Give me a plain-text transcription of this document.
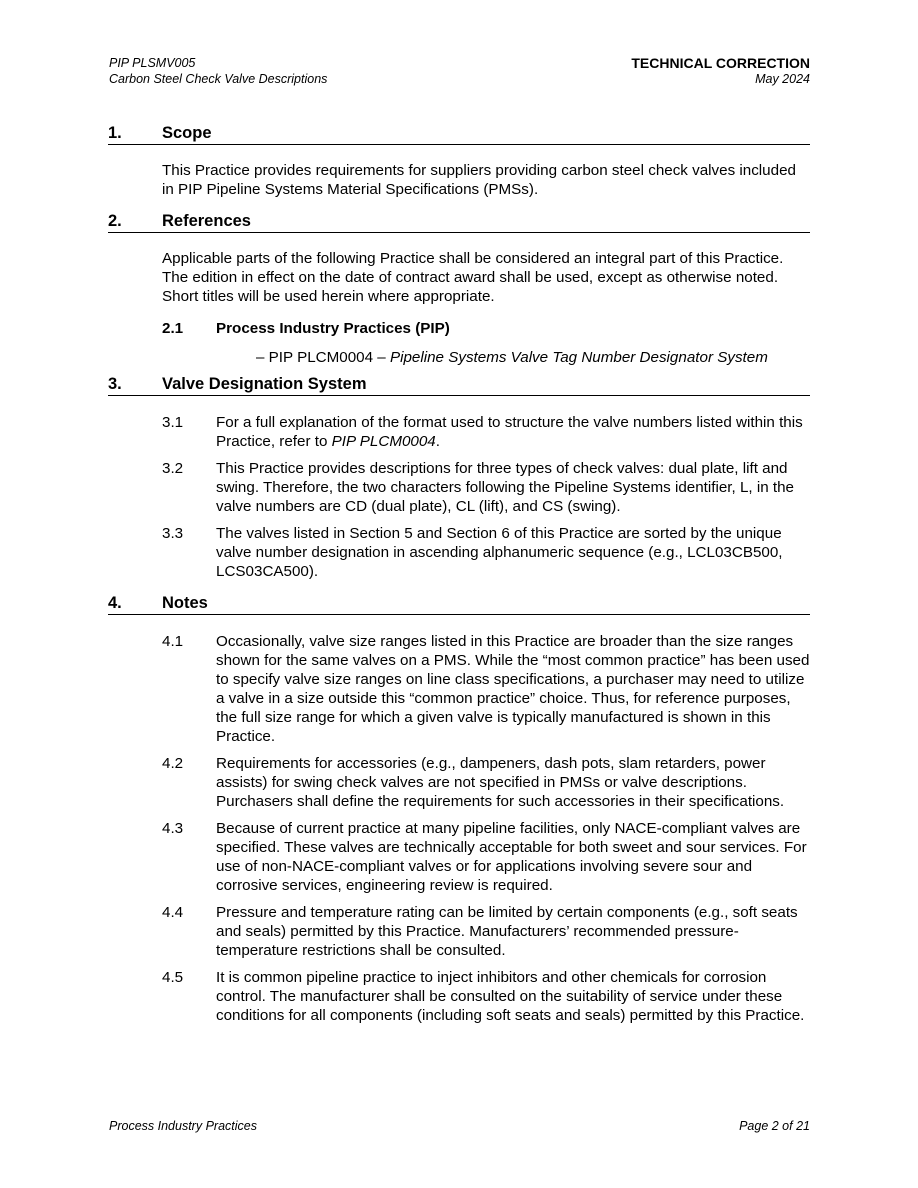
PIP PLSMV005
Carbon Steel Check Valve Descriptions
TECHNICAL CORRECTION
May 2024
1. Scope
This Practice provides requirements for suppliers providing carbon steel check valves included in PIP Pipeline Systems Material Specifications (PMSs).
2. References
Applicable parts of the following Practice shall be considered an integral part of this Practice. The edition in effect on the date of contract award shall be used, except as otherwise noted. Short titles will be used herein where appropriate.
2.1 Process Industry Practices (PIP)
– PIP PLCM0004 – Pipeline Systems Valve Tag Number Designator System
3. Valve Designation System
3.1 For a full explanation of the format used to structure the valve numbers listed within this Practice, refer to PIP PLCM0004.
3.2 This Practice provides descriptions for three types of check valves: dual plate, lift and swing. Therefore, the two characters following the Pipeline Systems identifier, L, in the valve numbers are CD (dual plate), CL (lift), and CS (swing).
3.3 The valves listed in Section 5 and Section 6 of this Practice are sorted by the unique valve number designation in ascending alphanumeric sequence (e.g., LCL03CB500, LCS03CA500).
4. Notes
4.1 Occasionally, valve size ranges listed in this Practice are broader than the size ranges shown for the same valves on a PMS. While the “most common practice” has been used to specify valve size ranges on line class specifications, a purchaser may need to utilize a valve in a size outside this “common practice” choice. Thus, for reference purposes, the full size range for which a given valve is typically manufactured is shown in this Practice.
4.2 Requirements for accessories (e.g., dampeners, dash pots, slam retarders, power assists) for swing check valves are not specified in PMSs or valve descriptions. Purchasers shall define the requirements for such accessories in their specifications.
4.3 Because of current practice at many pipeline facilities, only NACE-compliant valves are specified. These valves are technically acceptable for both sweet and sour services. For use of non-NACE-compliant valves or for applications involving severe sour and corrosive services, engineering review is required.
4.4 Pressure and temperature rating can be limited by certain components (e.g., soft seats and seals) permitted by this Practice. Manufacturers’ recommended pressure-temperature restrictions shall be consulted.
4.5 It is common pipeline practice to inject inhibitors and other chemicals for corrosion control. The manufacturer shall be consulted on the suitability of service under these conditions for all components (including soft seats and seals) permitted by this Practice.
Process Industry Practices	Page 2 of 21
